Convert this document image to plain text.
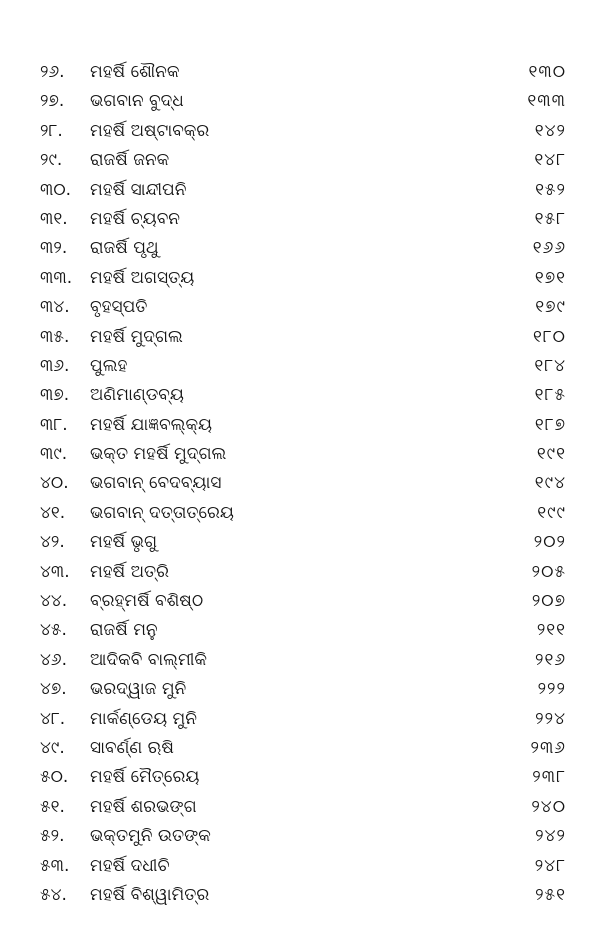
୨୬. ମହର୍ଷି ଶୌନକ	୧୩୦
୨୭. ଭଗବାନ ବୁଦ୍ଧ	୧୩୩
୨୮. ମହର୍ଷି ଅଷ୍ଟାବକ୍ର	୧୪୨
୨୯. ରାଜର୍ଷି ଜନକ	୧୪୮
୩୦. ମହର୍ଷି ସାନ୍ଦୀପନି	୧୫୨
୩୧. ମହର୍ଷି ଚ୍ୟବନ	୧୫୮
୩୨. ରାଜର୍ଷି ପୃଥୁ	୧୬୬
୩୩. ମହର୍ଷି ଅଗସ୍ତ୍ୟ	୧୭୧
୩୪. ବୃହସ୍ପତି	୧୭୯
୩୫. ମହର୍ଷି ମୁଦ୍ଗଲ	୧୮୦
୩୬. ପୁଲହ	୧୮୪
୩୭. ଅଣିମାଣ୍ଡବ୍ୟ	୧୮୫
୩୮. ମହର୍ଷି ଯାଜ୍ଞବଲ୍କ୍ୟ	୧୮୭
୩୯. ଭକ୍ତ ମହର୍ଷି ମୁଦ୍‌ଗଲ	୧୯୧
୪୦. ଭଗବାନ୍ ବେଦବ୍ୟାସ	୧୯୪
୪୧. ଭଗବାନ୍ ଦତ୍ତାତ୍ରେୟ	୧୯୯
୪୨. ମହର୍ଷି ଭୃଗୁ	୨୦୨
୪୩. ମହର୍ଷି ଅତ୍ରି	୨୦୫
୪୪. ବ୍ରହ୍ମର୍ଷି ବଶିଷ୍ଠ	୨୦୭
୪୫. ରାଜର୍ଷି ମନୁ	୨୧୧
୪୬. ଆଦିକବି ବାଲ୍ମୀକି	୨୧୬
୪୭. ଭରଦ୍ୱାଜ ମୁନି	୨୨୨
୪୮. ମାର୍କଣ୍ଡେୟ ମୁନି	୨୨୪
୪୯. ସାବର୍ଣ୍ଣ ଋଷି	୨୩୬
୫୦. ମହର୍ଷି ମୈତ୍ରେୟ	୨୩୮
୫୧. ମହର୍ଷି ଶରଭଙ୍ଗ	୨୪୦
୫୨. ଭକ୍ତମୁନି ଉତଙ୍କ	୨୪୨
୫୩. ମହର୍ଷି ଦଧୀଚି	୨୪୮
୫୪. ମହର୍ଷି ବିଶ୍ୱାମିତ୍ର	୨୫୧
